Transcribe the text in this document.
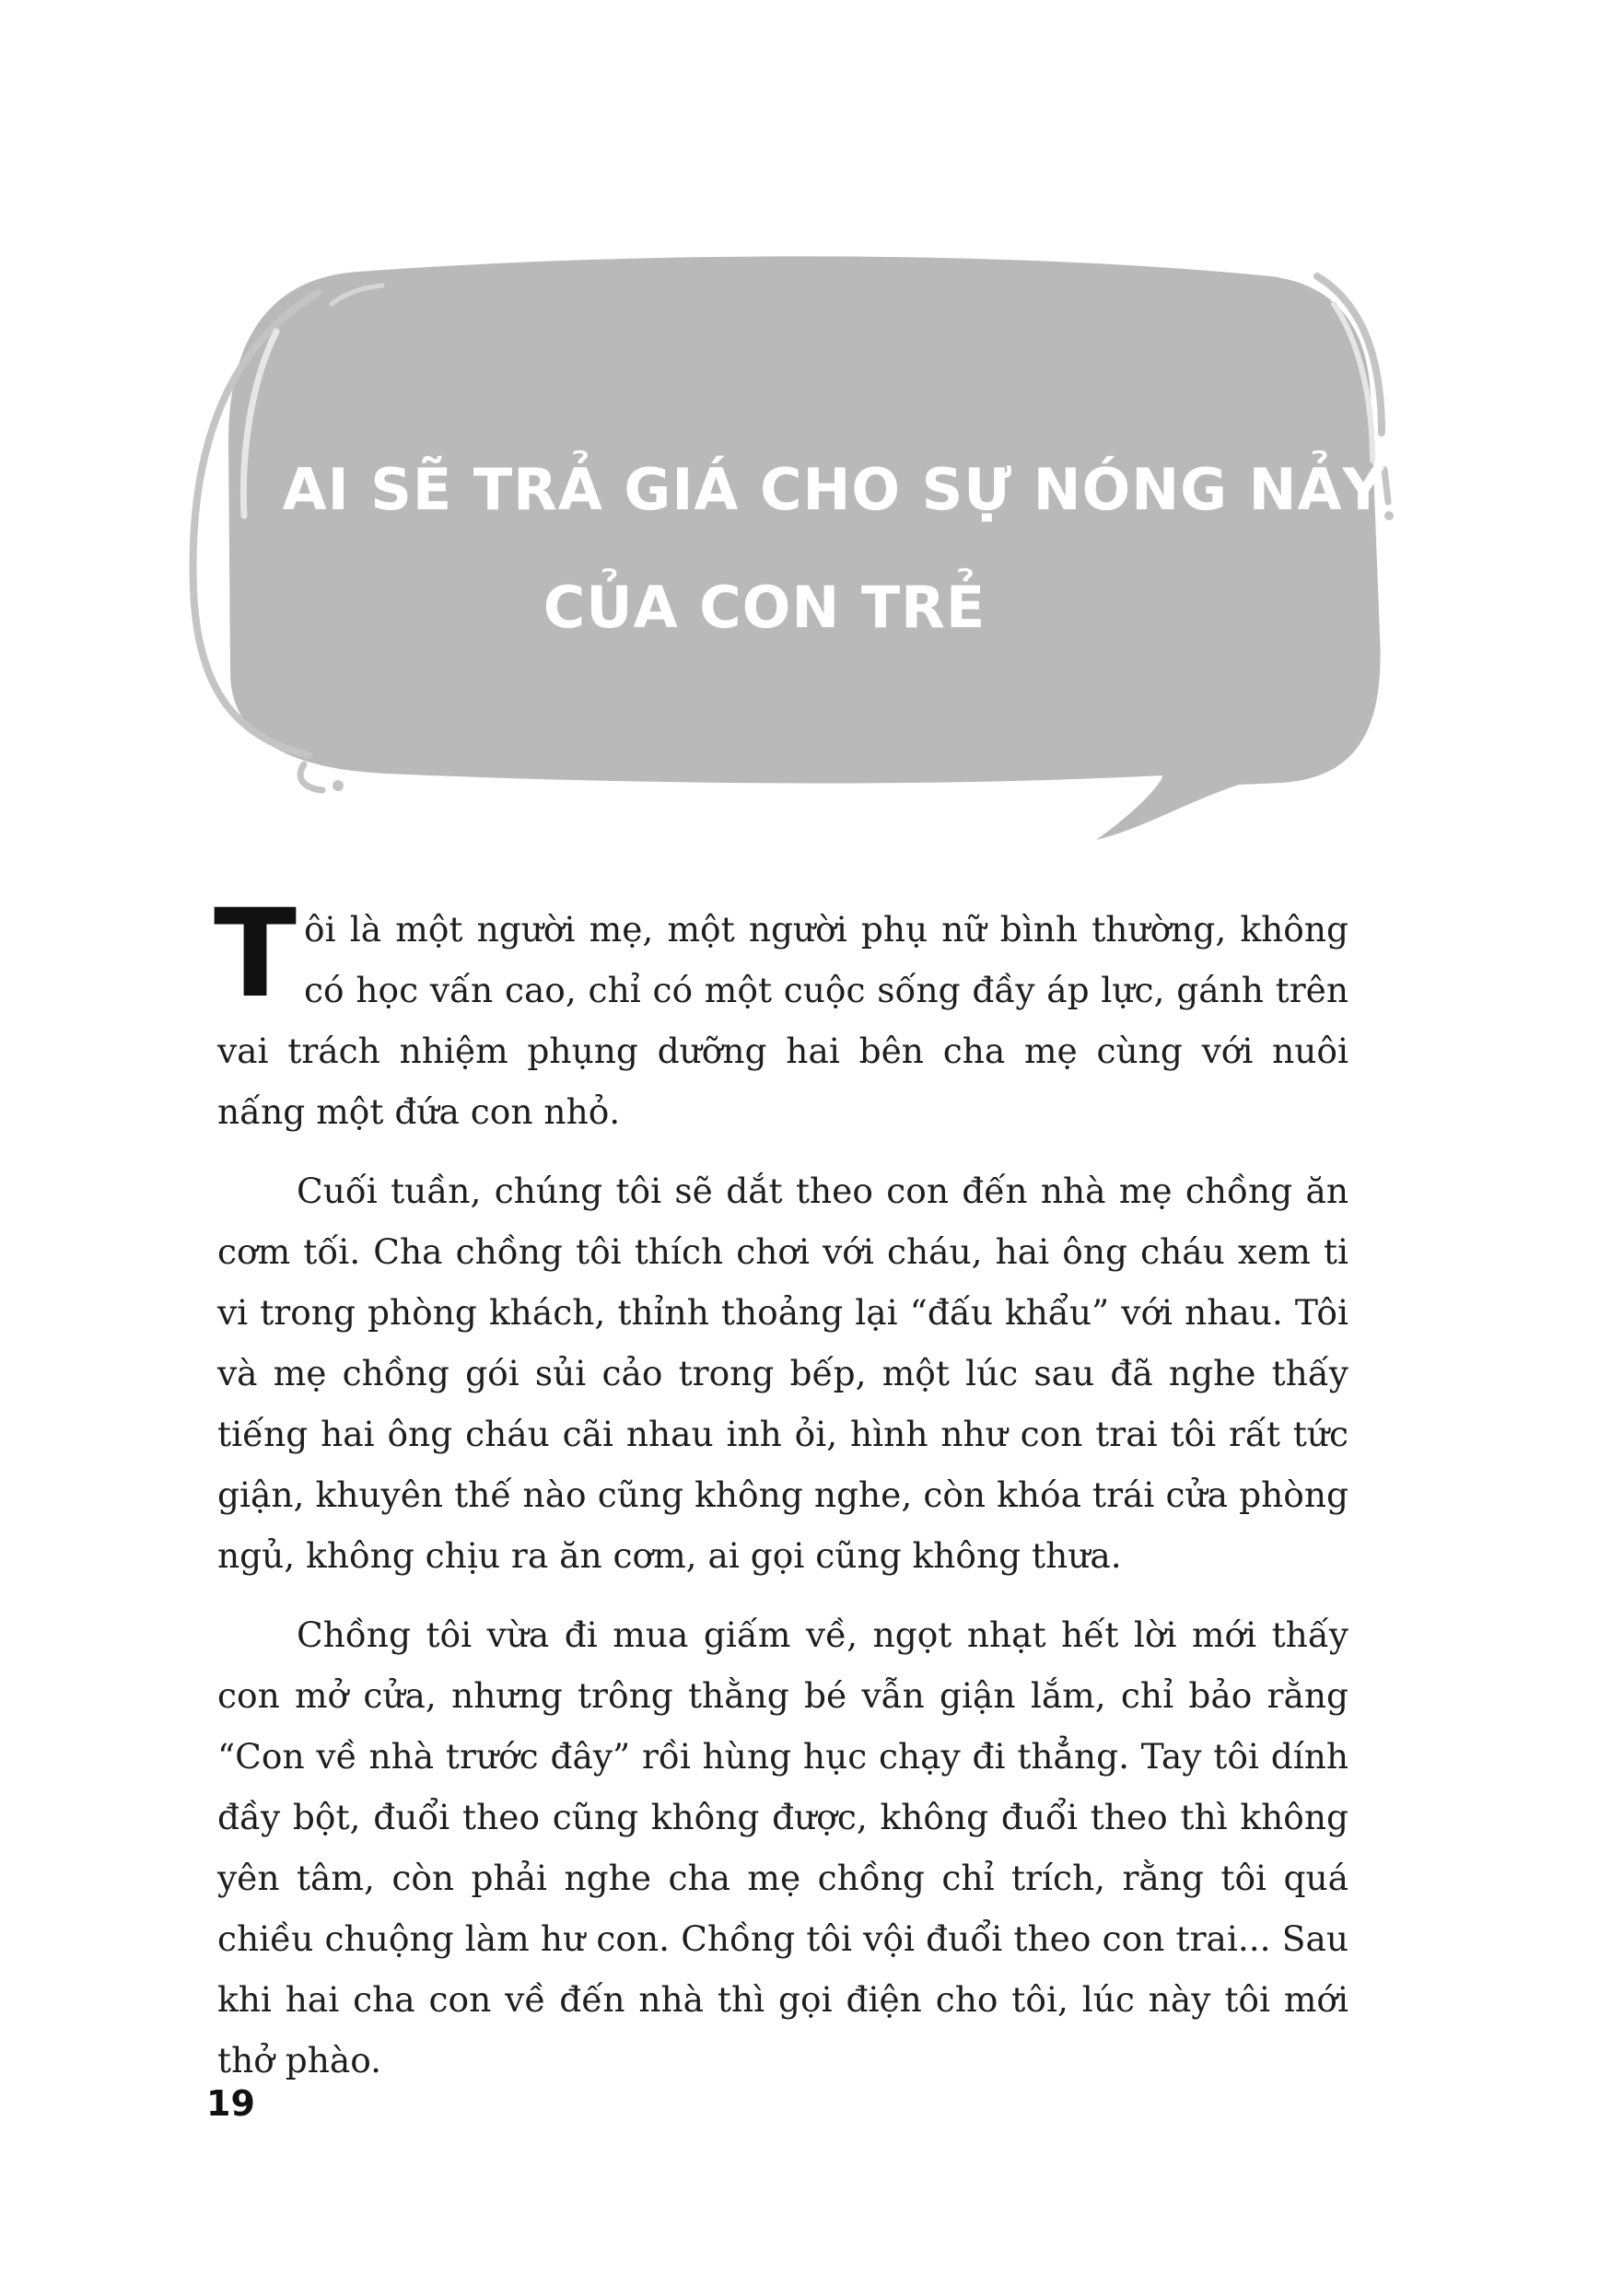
AI SẼ TRẢ GIÁ CHO SỰ NÓNG NẢY
CỦA CON TRẺ

Tôi là một người mẹ, một người phụ nữ bình thường, không có học vấn cao, chỉ có một cuộc sống đầy áp lực, gánh trên vai trách nhiệm phụng dưỡng hai bên cha mẹ cùng với nuôi nấng một đứa con nhỏ.

Cuối tuần, chúng tôi sẽ dắt theo con đến nhà mẹ chồng ăn cơm tối. Cha chồng tôi thích chơi với cháu, hai ông cháu xem ti vi trong phòng khách, thỉnh thoảng lại “đấu khẩu” với nhau. Tôi và mẹ chồng gói sủi cảo trong bếp, một lúc sau đã nghe thấy tiếng hai ông cháu cãi nhau inh ỏi, hình như con trai tôi rất tức giận, khuyên thế nào cũng không nghe, còn khóa trái cửa phòng ngủ, không chịu ra ăn cơm, ai gọi cũng không thưa.

Chồng tôi vừa đi mua giấm về, ngọt nhạt hết lời mới thấy con mở cửa, nhưng trông thằng bé vẫn giận lắm, chỉ bảo rằng “Con về nhà trước đây” rồi hùng hục chạy đi thẳng. Tay tôi dính đầy bột, đuổi theo cũng không được, không đuổi theo thì không yên tâm, còn phải nghe cha mẹ chồng chỉ trích, rằng tôi quá chiều chuộng làm hư con. Chồng tôi vội đuổi theo con trai... Sau khi hai cha con về đến nhà thì gọi điện cho tôi, lúc này tôi mới thở phào.

19
